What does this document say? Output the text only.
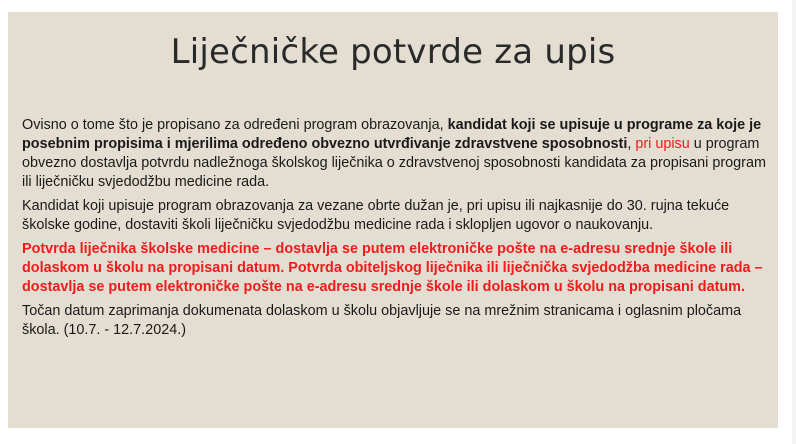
Liječničke potvrde za upis

Ovisno o tome što je propisano za određeni program obrazovanja, kandidat koji se upisuje u programe za koje je posebnim propisima i mjerilima određeno obvezno utvrđivanje zdravstvene sposobnosti, pri upisu u program obvezno dostavlja potvrdu nadležnoga školskog liječnika o zdravstvenoj sposobnosti kandidata za propisani program ili liječničku svjedodžbu medicine rada.

Kandidat koji upisuje program obrazovanja za vezane obrte dužan je, pri upisu ili najkasnije do 30. rujna tekuće školske godine, dostaviti školi liječničku svjedodžbu medicine rada i sklopljen ugovor o naukovanju.

Potvrda liječnika školske medicine – dostavlja se putem elektroničke pošte na e-adresu srednje škole ili dolaskom u školu na propisani datum. Potvrda obiteljskog liječnika ili liječnička svjedodžba medicine rada – dostavlja se putem elektroničke pošte na e-adresu srednje škole ili dolaskom u školu na propisani datum.

Točan datum zaprimanja dokumenata dolaskom u školu objavljuje se na mrežnim stranicama i oglasnim pločama škola. (10.7. - 12.7.2024.)
